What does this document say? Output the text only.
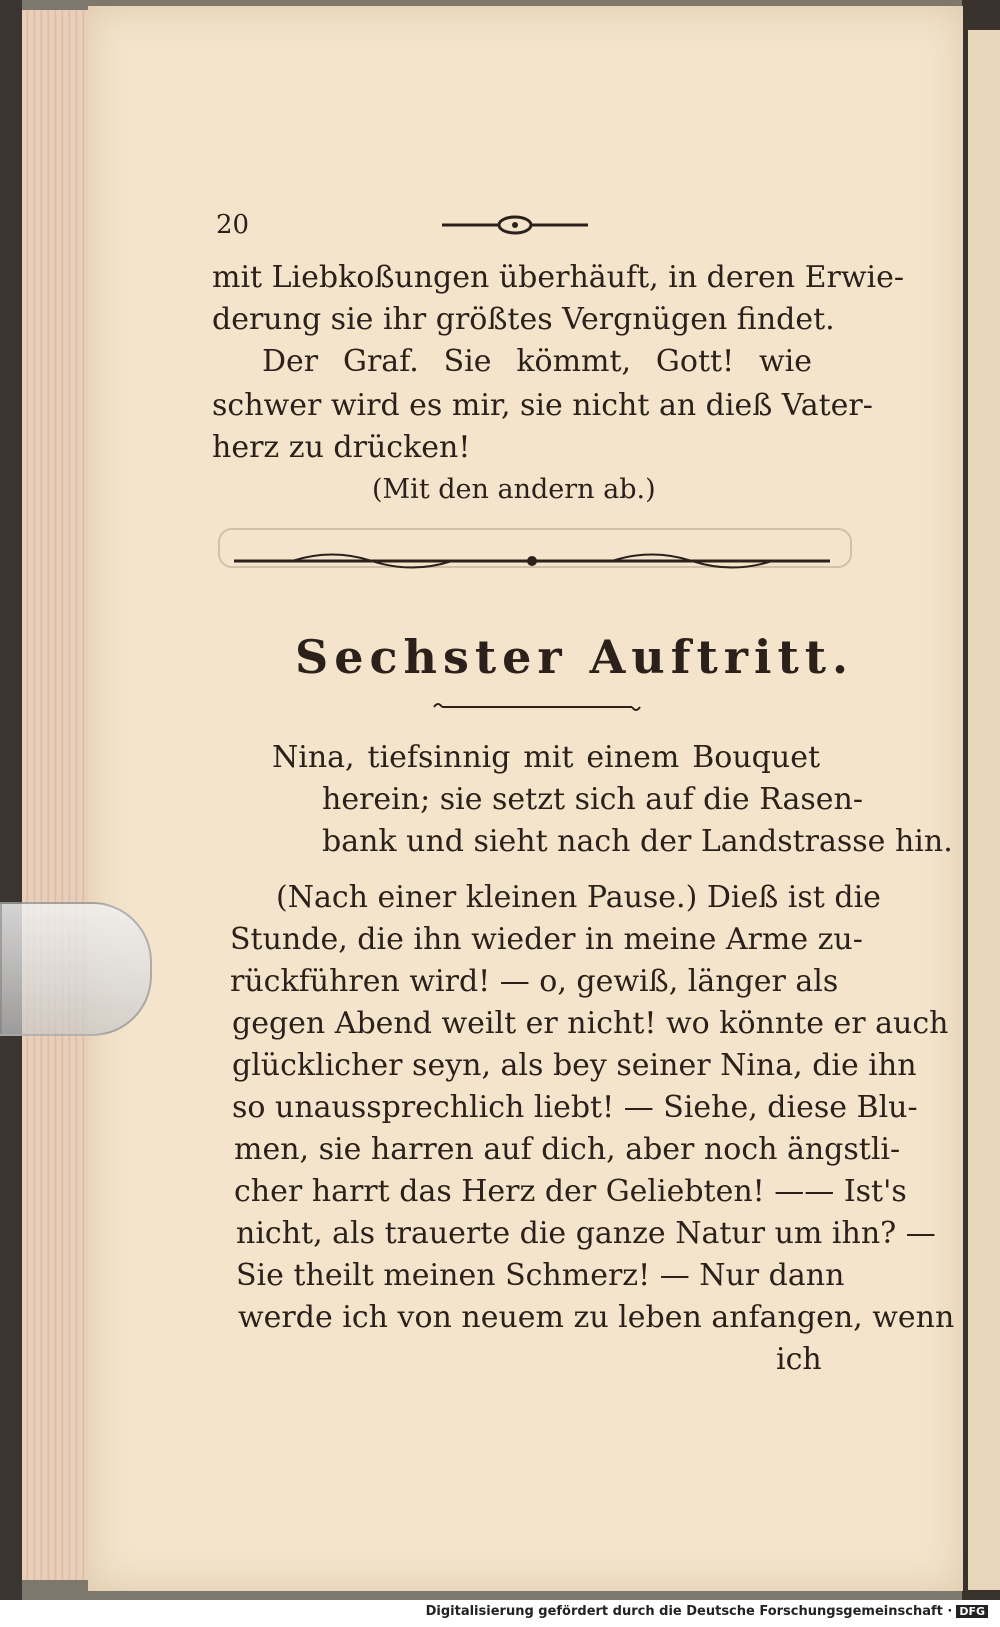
20
mit Liebkoßungen überhäuft, in deren Erwie-
derung sie ihr größtes Vergnügen findet.
Der Graf. Sie kömmt, Gott! wie
schwer wird es mir, sie nicht an dieß Vater-
herz zu drücken!
(Mit den andern ab.)
Sechster Auftritt.
Nina, tiefsinnig mit einem Bouquet
herein; sie setzt sich auf die Rasen-
bank und sieht nach der Landstrasse hin.
(Nach einer kleinen Pause.) Dieß ist die
Stunde, die ihn wieder in meine Arme zu-
rückführen wird! — o, gewiß, länger als
gegen Abend weilt er nicht! wo könnte er auch
glücklicher seyn, als bey seiner Nina, die ihn
so unaussprechlich liebt! — Siehe, diese Blu-
men, sie harren auf dich, aber noch ängstli-
cher harrt das Herz der Geliebten! —— Ist's
nicht, als trauerte die ganze Natur um ihn? —
Sie theilt meinen Schmerz! — Nur dann
werde ich von neuem zu leben anfangen, wenn
ich
Digitalisierung gefördert durch die Deutsche Forschungsgemeinschaft · DFG
